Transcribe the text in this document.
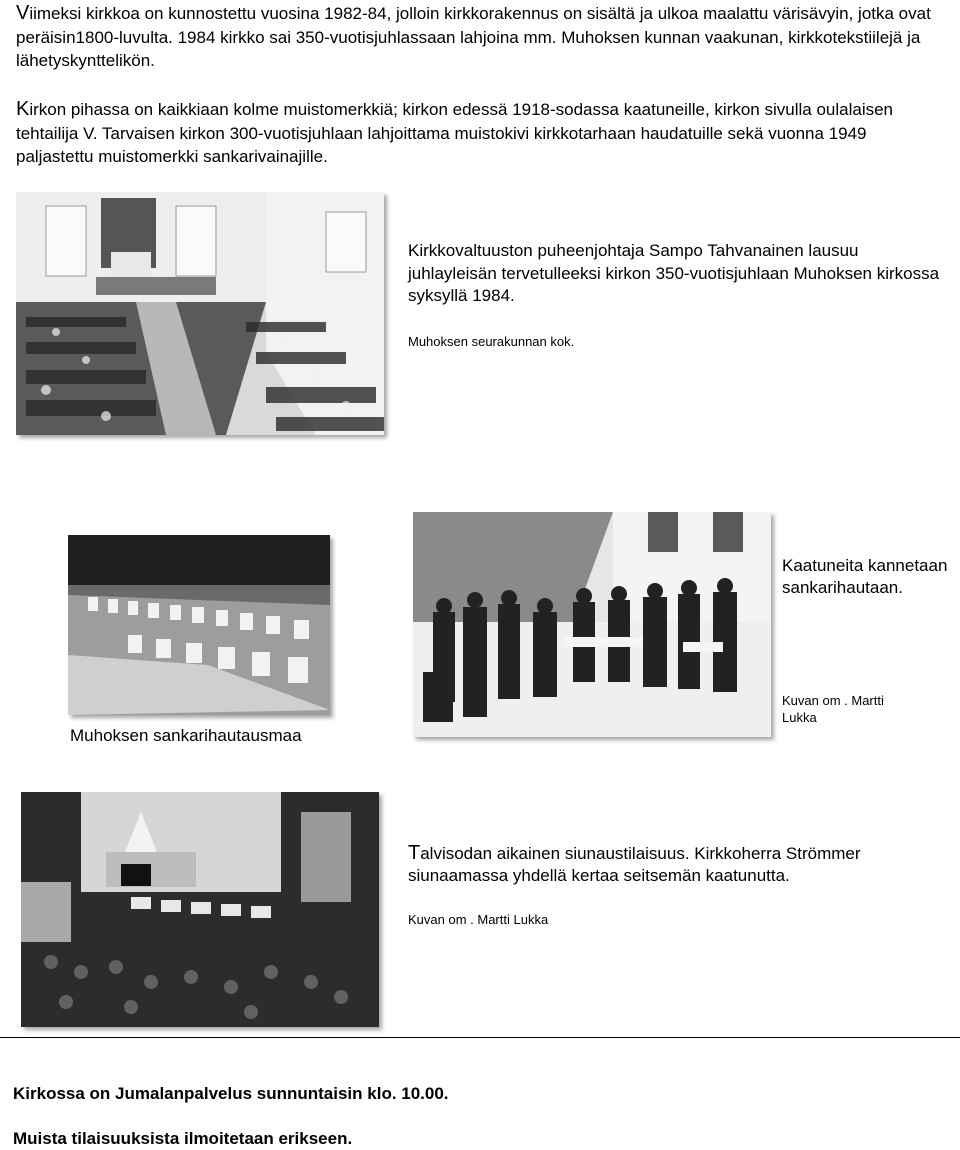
Viimeksi kirkkoa on kunnostettu vuosina 1982-84, jolloin kirkkorakennus on sisältä ja ulkoa maalattu värisävyin, jotka ovat peräisin1800-luvulta. 1984 kirkko sai 350-vuotisjuhlassaan lahjoina mm. Muhoksen kunnan vaakunan, kirkkotekstiilejä ja lähetyskynttelikön.

Kirkon pihassa on kaikkiaan kolme muistomerkkiä; kirkon edessä 1918-sodassa kaatuneille, kirkon sivulla oulalaisen tehtailija V. Tarvaisen kirkon 300-vuotisjuhlaan lahjoittama muistokivi kirkkotarhaan haudatuille sekä vuonna 1949 paljastettu muistomerkki sankarivainajille.

Kirkkovaltuuston puheenjohtaja Sampo Tahvanainen lausuu juhlayleisän tervetulleeksi kirkon 350-vuotisjuhlaan Muhoksen kirkossa syksyllä 1984.

Muhoksen seurakunnan kok.

Muhoksen sankarihautausmaa

Kaatuneita kannetaan sankarihautaan.

Kuvan om . Martti Lukka

Talvisodan aikainen siunaustilaisuus. Kirkkoherra Strömmer siunaamassa yhdellä kertaa seitsemän kaatunutta.

Kuvan om . Martti Lukka

Kirkossa on Jumalanpalvelus sunnuntaisin klo. 10.00.

Muista tilaisuuksista ilmoitetaan erikseen.
